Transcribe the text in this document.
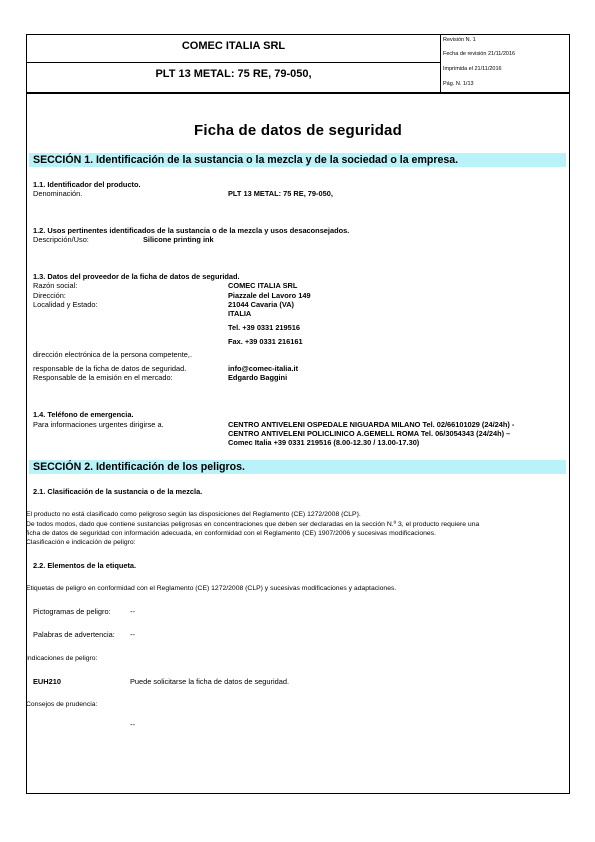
COMEC ITALIA SRL
PLT 13 METAL: 75 RE, 79-050,
Revisión N. 1
Fecha de revisión 21/11/2016
Imprimida el 21/11/2016
Pág. N. 1/13
Ficha de datos de seguridad
SECCIÓN 1. Identificación de la sustancia o la mezcla y de la sociedad o la empresa.
1.1. Identificador del producto.
Denominación.	PLT 13 METAL: 75 RE, 79-050,
1.2. Usos pertinentes identificados de la sustancia o de la mezcla y usos desaconsejados.
Descripción/Uso:	Silicone printing ink
1.3. Datos del proveedor de la ficha de datos de seguridad.
Razón social:	COMEC ITALIA SRL
Dirección:	Piazzale del Lavoro 149
Localidad y Estado:	21044 Cavaria (VA)
ITALIA
Tel. +39 0331 219516
Fax. +39 0331 216161
dirección electrónica de la persona competente,.
responsable de la ficha de datos de seguridad.	info@comec-italia.it
Responsable de la emisión en el mercado:	Edgardo Baggini
1.4. Teléfono de emergencia.
Para informaciones urgentes dirigirse a.	CENTRO ANTIVELENI OSPEDALE NIGUARDA MILANO Tel. 02/66101029 (24/24h) -
CENTRO ANTIVELENI POLICLINICO A.GEMELL ROMA Tel. 06/3054343 (24/24h) –
Comec Italia +39 0331 219516 (8.00-12.30 / 13.00-17.30)
SECCIÓN 2. Identificación de los peligros.
2.1. Clasificación de la sustancia o de la mezcla.
El producto no está clasificado como peligroso según las disposiciones del Reglamento (CE) 1272/2008 (CLP).
De todos modos, dado que contiene sustancias peligrosas en concentraciones que deben ser declaradas en la sección N.º 3, el producto requiere una
ficha de datos de seguridad con información adecuada, en conformidad con el Reglamento (CE) 1907/2006 y sucesivas modificaciones.
Clasificación e indicación de peligro:
2.2. Elementos de la etiqueta.
Etiquetas de peligro en conformidad con el Reglamento (CE) 1272/2008 (CLP) y sucesivas modificaciones y adaptaciones.
Pictogramas de peligro:	--
Palabras de advertencia: --
Indicaciones de peligro:
EUH210	Puede solicitarse la ficha de datos de seguridad.
Consejos de prudencia:
--
